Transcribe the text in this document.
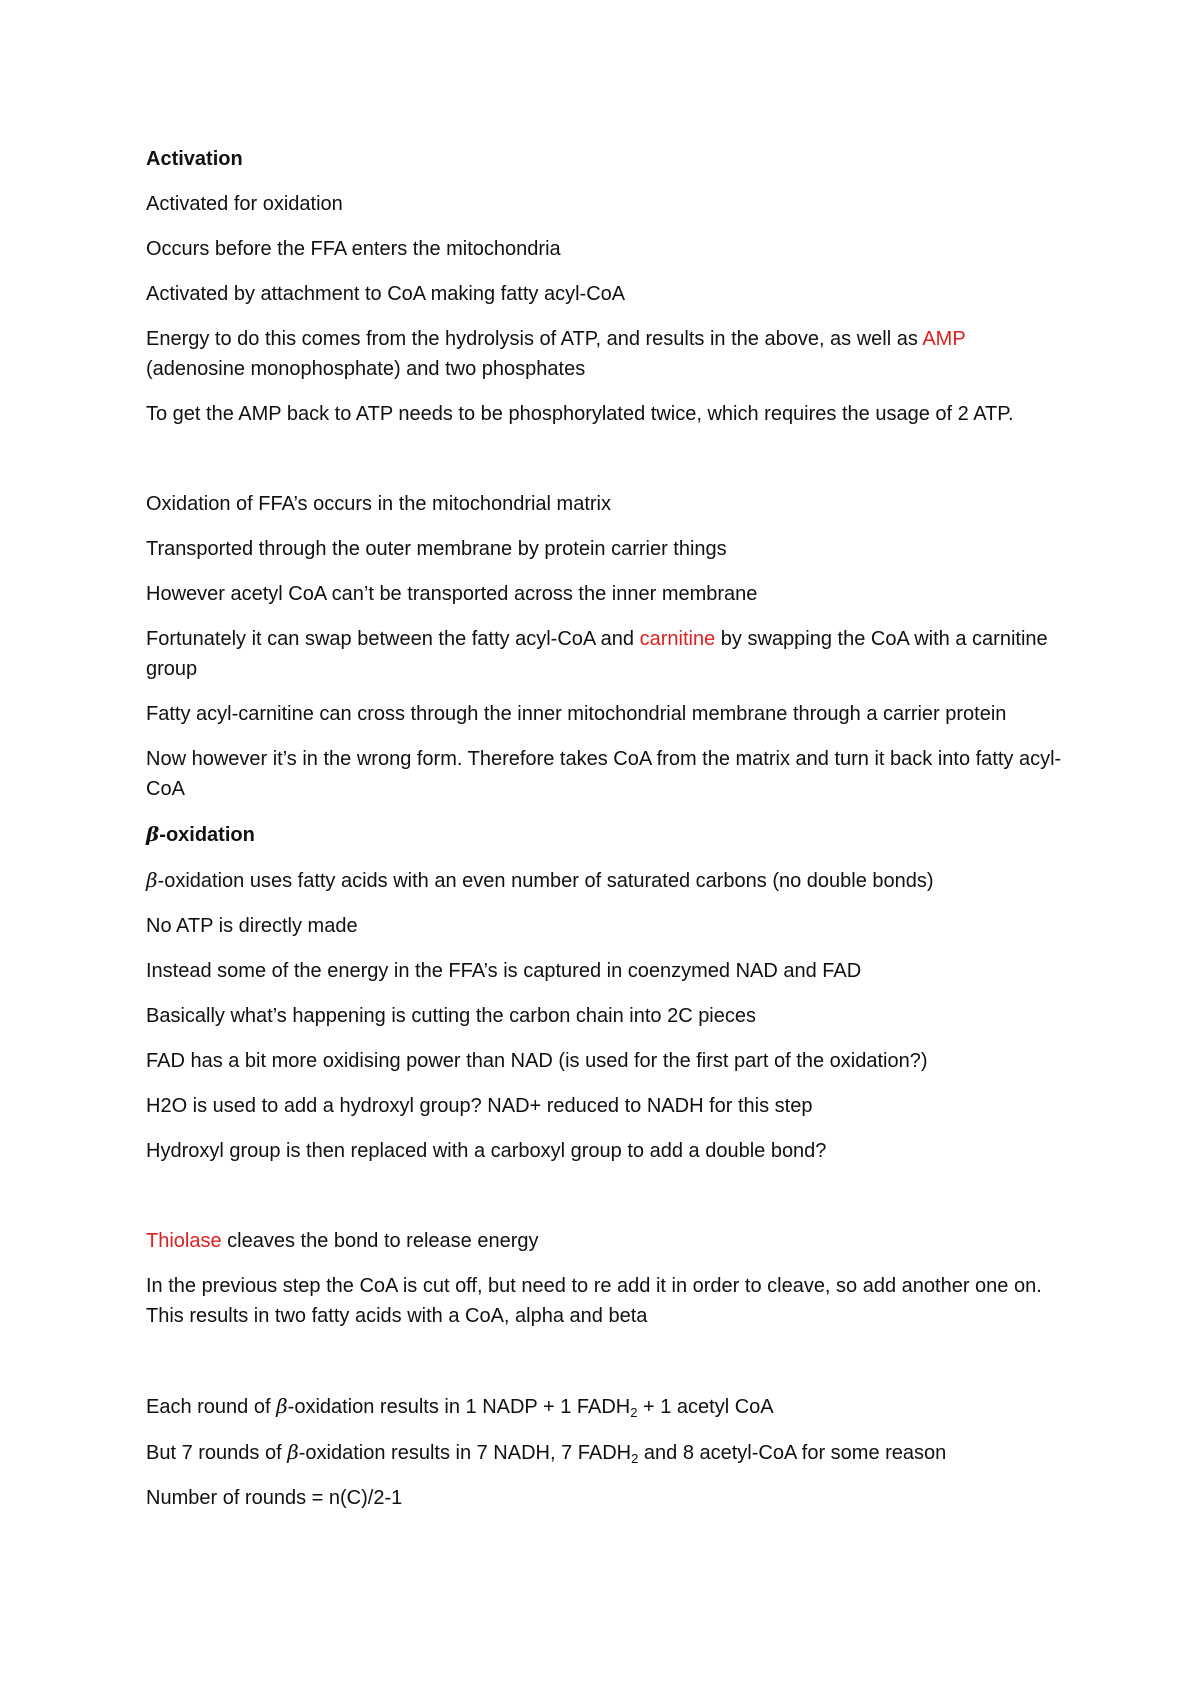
Activation

Activated for oxidation

Occurs before the FFA enters the mitochondria

Activated by attachment to CoA making fatty acyl-CoA

Energy to do this comes from the hydrolysis of ATP, and results in the above, as well as AMP (adenosine monophosphate) and two phosphates

To get the AMP back to ATP needs to be phosphorylated twice, which requires the usage of 2 ATP.

Oxidation of FFA’s occurs in the mitochondrial matrix

Transported through the outer membrane by protein carrier things

However acetyl CoA can’t be transported across the inner membrane

Fortunately it can swap between the fatty acyl-CoA and carnitine by swapping the CoA with a carnitine group

Fatty acyl-carnitine can cross through the inner mitochondrial membrane through a carrier protein

Now however it’s in the wrong form. Therefore takes CoA from the matrix and turn it back into fatty acyl-CoA

β-oxidation

β-oxidation uses fatty acids with an even number of saturated carbons (no double bonds)

No ATP is directly made

Instead some of the energy in the FFA’s is captured in coenzymed NAD and FAD

Basically what’s happening is cutting the carbon chain into 2C pieces

FAD has a bit more oxidising power than NAD (is used for the first part of the oxidation?)

H2O is used to add a hydroxyl group? NAD+ reduced to NADH for this step

Hydroxyl group is then replaced with a carboxyl group to add a double bond?

Thiolase cleaves the bond to release energy

In the previous step the CoA is cut off, but need to re add it in order to cleave, so add another one on. This results in two fatty acids with a CoA, alpha and beta

Each round of β-oxidation results in 1 NADP + 1 $FADH_2 + 1$ acetyl CoA

But 7 rounds of β-oxidation results in 7 NADH, 7 $FADH_2$ and 8 acetyl-CoA for some reason

Number of rounds = n(C)/2-1
